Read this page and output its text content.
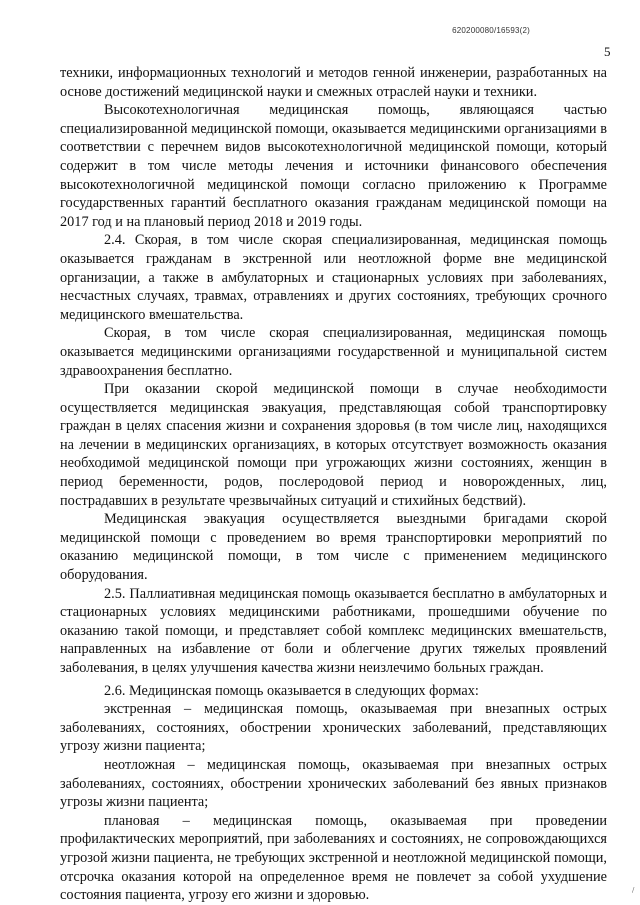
620200080/16593(2)
5

техники, информационных технологий и методов генной инженерии, разработанных на основе достижений медицинской науки и смежных отраслей науки и техники.

Высокотехнологичная медицинская помощь, являющаяся частью специализированной медицинской помощи, оказывается медицинскими организациями в соответствии с перечнем видов высокотехнологичной медицинской помощи, который содержит в том числе методы лечения и источники финансового обеспечения высокотехнологичной медицинской помощи согласно приложению к Программе государственных гарантий бесплатного оказания гражданам медицинской помощи на 2017 год и на плановый период 2018 и 2019 годы.

2.4. Скорая, в том числе скорая специализированная, медицинская помощь оказывается гражданам в экстренной или неотложной форме вне медицинской организации, а также в амбулаторных и стационарных условиях при заболеваниях, несчастных случаях, травмах, отравлениях и других состояниях, требующих срочного медицинского вмешательства.

Скорая, в том числе скорая специализированная, медицинская помощь оказывается медицинскими организациями государственной и муниципальной систем здравоохранения бесплатно.

При оказании скорой медицинской помощи в случае необходимости осуществляется медицинская эвакуация, представляющая собой транспортировку граждан в целях спасения жизни и сохранения здоровья (в том числе лиц, находящихся на лечении в медицинских организациях, в которых отсутствует возможность оказания необходимой медицинской помощи при угрожающих жизни состояниях, женщин в период беременности, родов, послеродовой период и новорожденных, лиц, пострадавших в результате чрезвычайных ситуаций и стихийных бедствий).

Медицинская эвакуация осуществляется выездными бригадами скорой медицинской помощи с проведением во время транспортировки мероприятий по оказанию медицинской помощи, в том числе с применением медицинского оборудования.

2.5. Паллиативная медицинская помощь оказывается бесплатно в амбулаторных и стационарных условиях медицинскими работниками, прошедшими обучение по оказанию такой помощи, и представляет собой комплекс медицинских вмешательств, направленных на избавление от боли и облегчение других тяжелых проявлений заболевания, в целях улучшения качества жизни неизлечимо больных граждан.

2.6. Медицинская помощь оказывается в следующих формах:

экстренная – медицинская помощь, оказываемая при внезапных острых заболеваниях, состояниях, обострении хронических заболеваний, представляющих угрозу жизни пациента;

неотложная – медицинская помощь, оказываемая при внезапных острых заболеваниях, состояниях, обострении хронических заболеваний без явных признаков угрозы жизни пациента;

плановая – медицинская помощь, оказываемая при проведении профилактических мероприятий, при заболеваниях и состояниях, не сопровождающихся угрозой жизни пациента, не требующих экстренной и неотложной медицинской помощи, отсрочка оказания которой на определенное время не повлечет за собой ухудшение состояния пациента, угрозу его жизни и здоровью.	/
